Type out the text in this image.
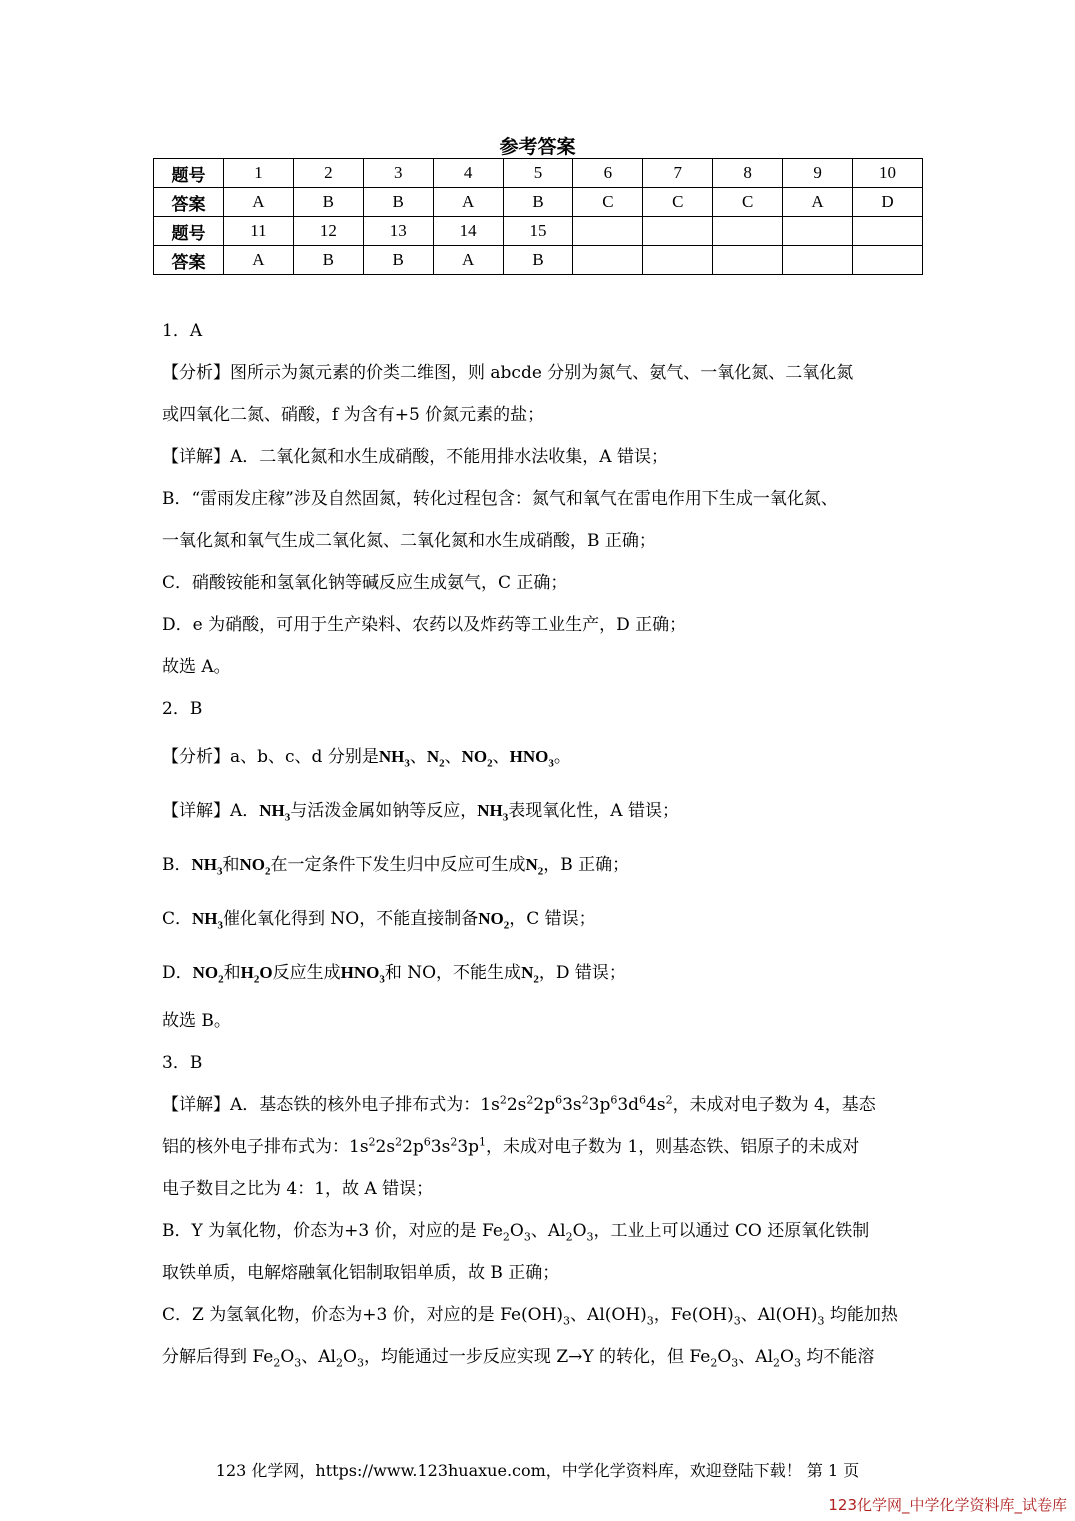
参考答案
题号	1	2	3	4	5	6	7	8	9	10
答案	A	B	B	A	B	C	C	C	A	D
题号	11	12	13	14	15					
答案	A	B	B	A	B					

1．A

【分析】图所示为氮元素的价类二维图，则 abcde 分别为氮气、氨气、一氧化氮、二氧化氮

或四氧化二氮、硝酸，f 为含有+5 价氮元素的盐；

【详解】A．二氧化氮和水生成硝酸，不能用排水法收集，A 错误；

B．“雷雨发庄稼”涉及自然固氮，转化过程包含：氮气和氧气在雷电作用下生成一氧化氮、

一氧化氮和氧气生成二氧化氮、二氧化氮和水生成硝酸，B 正确；

C．硝酸铵能和氢氧化钠等碱反应生成氨气，C 正确；

D．e 为硝酸，可用于生产染料、农药以及炸药等工业生产，D 正确；

故选 A。

2．B

【分析】a、b、c、d 分别是$NH_3$、$N_2$、$NO_2$、$HNO_3$。

【详解】A．$NH_3$与活泼金属如钠等反应，$NH_3$表现氧化性，A 错误；

B．$NH_3$和$NO_2$在一定条件下发生归中反应可生成$N_2$，B 正确；

C．$NH_3$催化氧化得到 NO，不能直接制备$NO_2$，C 错误；

D．$NO_2$和$H_2O$反应生成$HNO_3$和 NO，不能生成$N_2$，D 错误；

故选 B。

3．B

【详解】A．基态铁的核外电子排布式为：$1s^22s^22p^63s^23p^63d^64s^2$，未成对电子数为 4，基态

铝的核外电子排布式为：$1s^22s^22p^63s^23p^1$，未成对电子数为 1，则基态铁、铝原子的未成对

电子数目之比为 4：1，故 A 错误；

B．Y 为氧化物，价态为+3 价，对应的是 $Fe_2O_3$、$Al_2O_3$，工业上可以通过 CO 还原氧化铁制

取铁单质，电解熔融氧化铝制取铝单质，故 B 正确；

C．Z 为氢氧化物，价态为+3 价，对应的是 $Fe(OH)_3$、$Al(OH)_3$，$Fe(OH)_3$、$Al(OH)_3$ 均能加热

分解后得到 $Fe_2O_3$、$Al_2O_3$，均能通过一步反应实现 Z→Y 的转化，但 $Fe_2O_3$、$Al_2O_3$ 均不能溶

123 化学网，https://www.123huaxue.com，中学化学资料库，欢迎登陆下载！ 第 1 页
123化学网_中学化学资料库_试卷库
